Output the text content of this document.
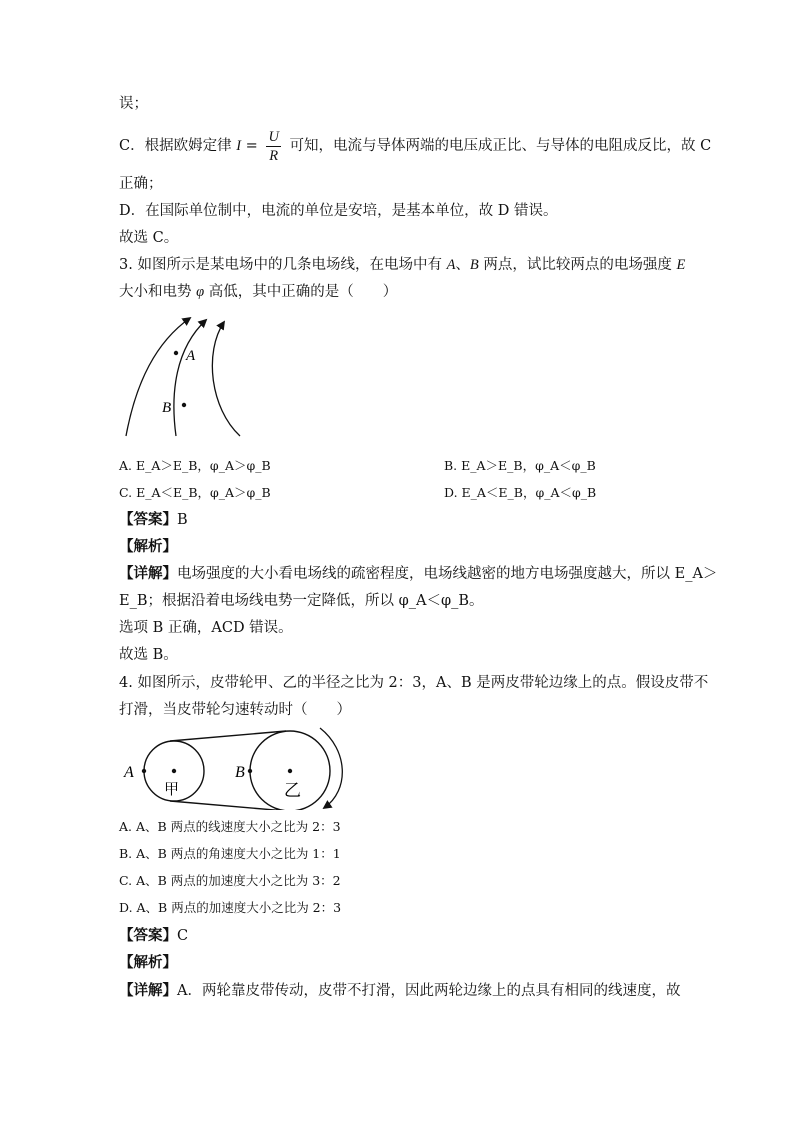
误；
C．根据欧姆定律 $I = \frac{U}{R}$ 可知，电流与导体两端的电压成正比、与导体的电阻成反比，故 C
正确；
D．在国际单位制中，电流的单位是安培，是基本单位，故 D 错误。
故选 C。
3. 如图所示是某电场中的几条电场线，在电场中有 A、B 两点，试比较两点的电场强度 E
大小和电势 φ 高低，其中正确的是（　　）
A
B
A. E_A＞E_B，φ_A＞φ_B	B. E_A＞E_B，φ_A＜φ_B
C. E_A＜E_B，φ_A＞φ_B	D. E_A＜E_B，φ_A＜φ_B
【答案】B
【解析】
【详解】电场强度的大小看电场线的疏密程度，电场线越密的地方电场强度越大，所以 E_A＞
E_B；根据沿着电场线电势一定降低，所以 φ_A＜φ_B。
选项 B 正确，ACD 错误。
故选 B。
4. 如图所示，皮带轮甲、乙的半径之比为 2：3，A、B 是两皮带轮边缘上的点。假设皮带不
打滑，当皮带轮匀速转动时（　　）
A	B
甲	乙
A. A、B 两点的线速度大小之比为 2：3
B. A、B 两点的角速度大小之比为 1：1
C. A、B 两点的加速度大小之比为 3：2
D. A、B 两点的加速度大小之比为 2：3
【答案】C
【解析】
【详解】A．两轮靠皮带传动，皮带不打滑，因此两轮边缘上的点具有相同的线速度，故
